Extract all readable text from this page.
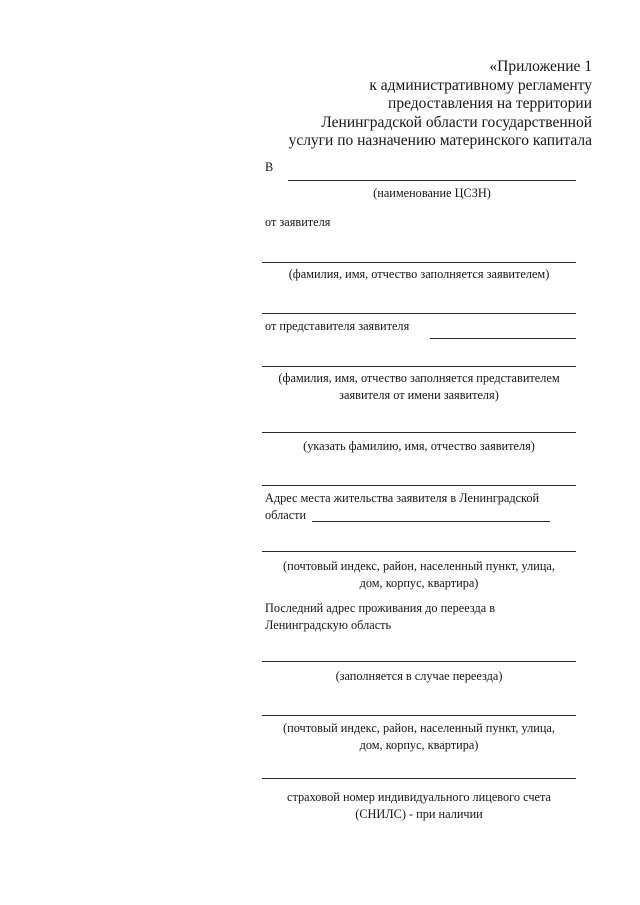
«Приложение 1
к административному регламенту
предоставления на территории
Ленинградской области государственной
услуги по назначению материнского капитала
В
(наименование ЦСЗН)
от заявителя
(фамилия, имя, отчество заполняется заявителем)
от представителя заявителя
(фамилия, имя, отчество заполняется представителем
заявителя от имени заявителя)
(указать фамилию, имя, отчество заявителя)
Адрес места жительства заявителя в Ленинградской
области
(почтовый индекс, район, населенный пункт, улица,
дом, корпус, квартира)
Последний адрес проживания до переезда в
Ленинградскую область
(заполняется в случае переезда)
(почтовый индекс, район, населенный пункт, улица,
дом, корпус, квартира)
страховой номер индивидуального лицевого счета
(СНИЛС) - при наличии
